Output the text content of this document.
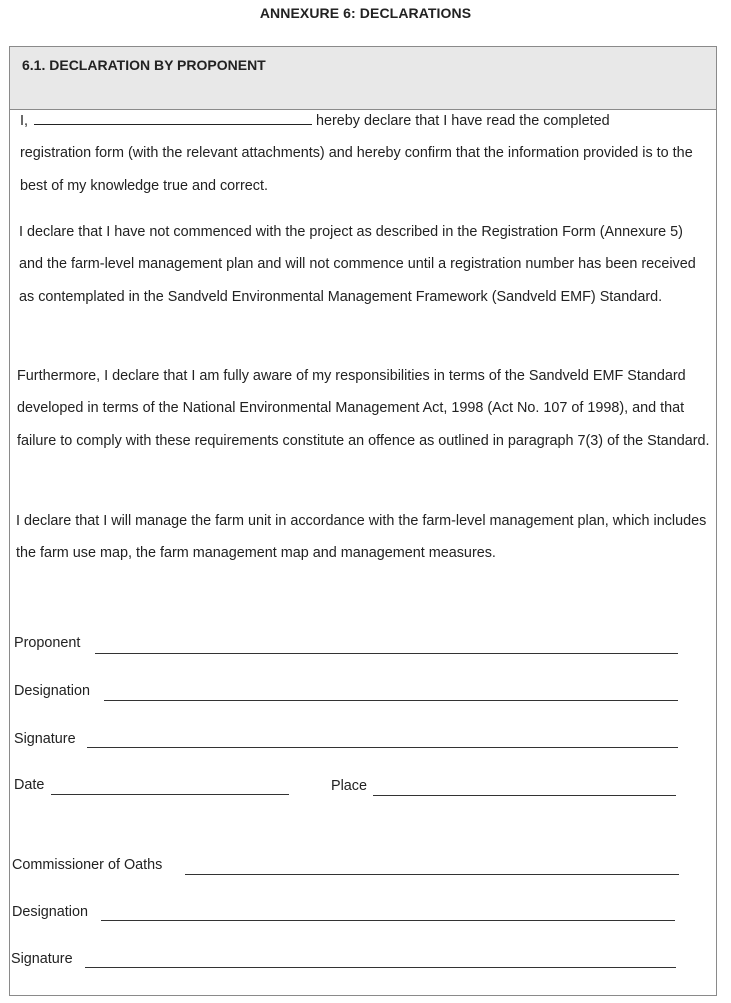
ANNEXURE 6: DECLARATIONS
6.1. DECLARATION BY PROPONENT

I,	hereby declare that I have read the completed
registration form (with the relevant attachments) and hereby confirm that the information provided is to the best of my knowledge true and correct.

I declare that I have not commenced with the project as described in the Registration Form (Annexure 5) and the farm-level management plan and will not commence until a registration number has been received as contemplated in the Sandveld Environmental Management Framework (Sandveld EMF) Standard.

Furthermore, I declare that I am fully aware of my responsibilities in terms of the Sandveld EMF Standard developed in terms of the National Environmental Management Act, 1998 (Act No. 107 of 1998), and that failure to comply with these requirements constitute an offence as outlined in paragraph 7(3) of the Standard.

I declare that I will manage the farm unit in accordance with the farm-level management plan, which includes the farm use map, the farm management map and management measures.

Proponent
Designation
Signature
Date	Place
Commissioner of Oaths
Designation
Signature
